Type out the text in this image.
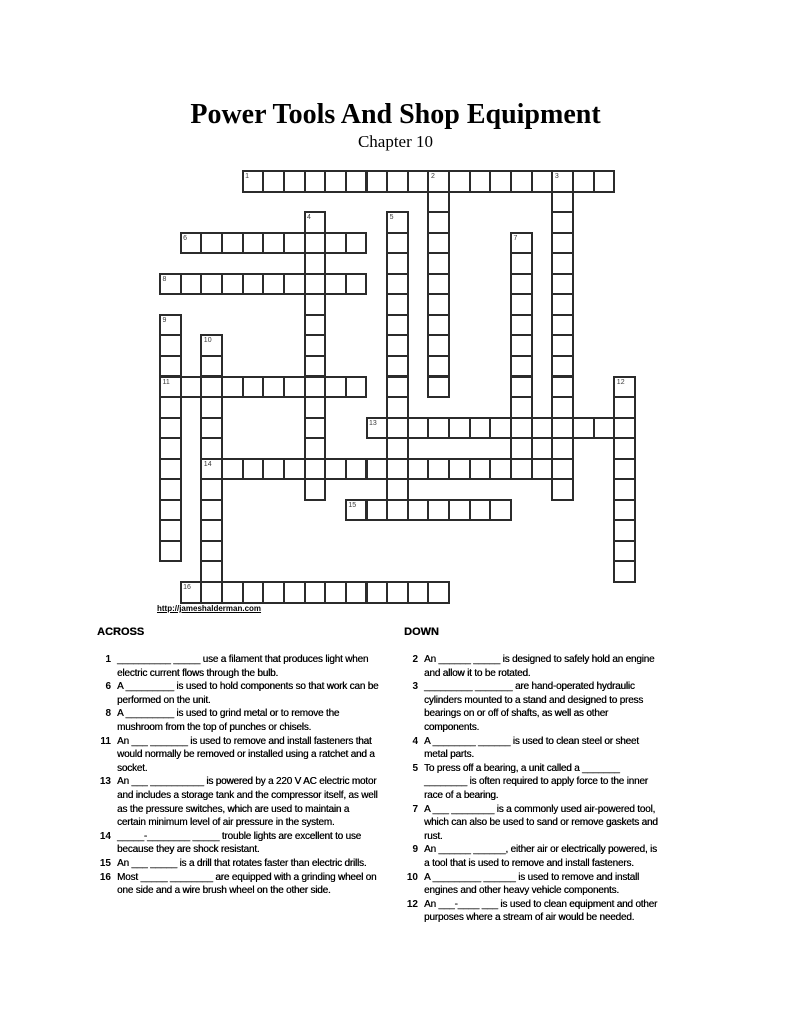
Power Tools And Shop Equipment
Chapter 10
1	2	3
4	5
6	7
8
9
11
10
14
12
13
15
16
http://jameshalderman.com

ACROSS

1 __________ _____ use a filament that produces light when electric current flows through the bulb.
6 A _________ is used to hold components so that work can be performed on the unit.
8 A _________ is used to grind metal or to remove the mushroom from the top of punches or chisels.
11 An ___ _______ is used to remove and install fasteners that would normally be removed or installed using a ratchet and a socket.
13 An ___ __________ is powered by a 220 V AC electric motor and includes a storage tank and the compressor itself, as well as the pressure switches, which are used to maintain a certain minimum level of air pressure in the system.
14 _____-________ _____ trouble lights are excellent to use because they are shock resistant.
15 An ___ _____ is a drill that rotates faster than electric drills.
16 Most _____ ________ are equipped with a grinding wheel on one side and a wire brush wheel on the other side.

DOWN

2 An ______ _____ is designed to safely hold an engine and allow it to be rotated.
3 _________ _______ are hand-operated hydraulic cylinders mounted to a stand and designed to press bearings on or off of shafts, as well as other components.
4 A ________ ______ is used to clean steel or sheet metal parts.
5 To press off a bearing, a unit called a _______ ________ is often required to apply force to the inner race of a bearing.
7 A ___ ________ is a commonly used air-powered tool, which can also be used to sand or remove gaskets and rust.
9 An ______ ______, either air or electrically powered, is a tool that is used to remove and install fasteners.
10 A _________ ______ is used to remove and install engines and other heavy vehicle components.
12 An ___-____ ___ is used to clean equipment and other purposes where a stream of air would be needed.
